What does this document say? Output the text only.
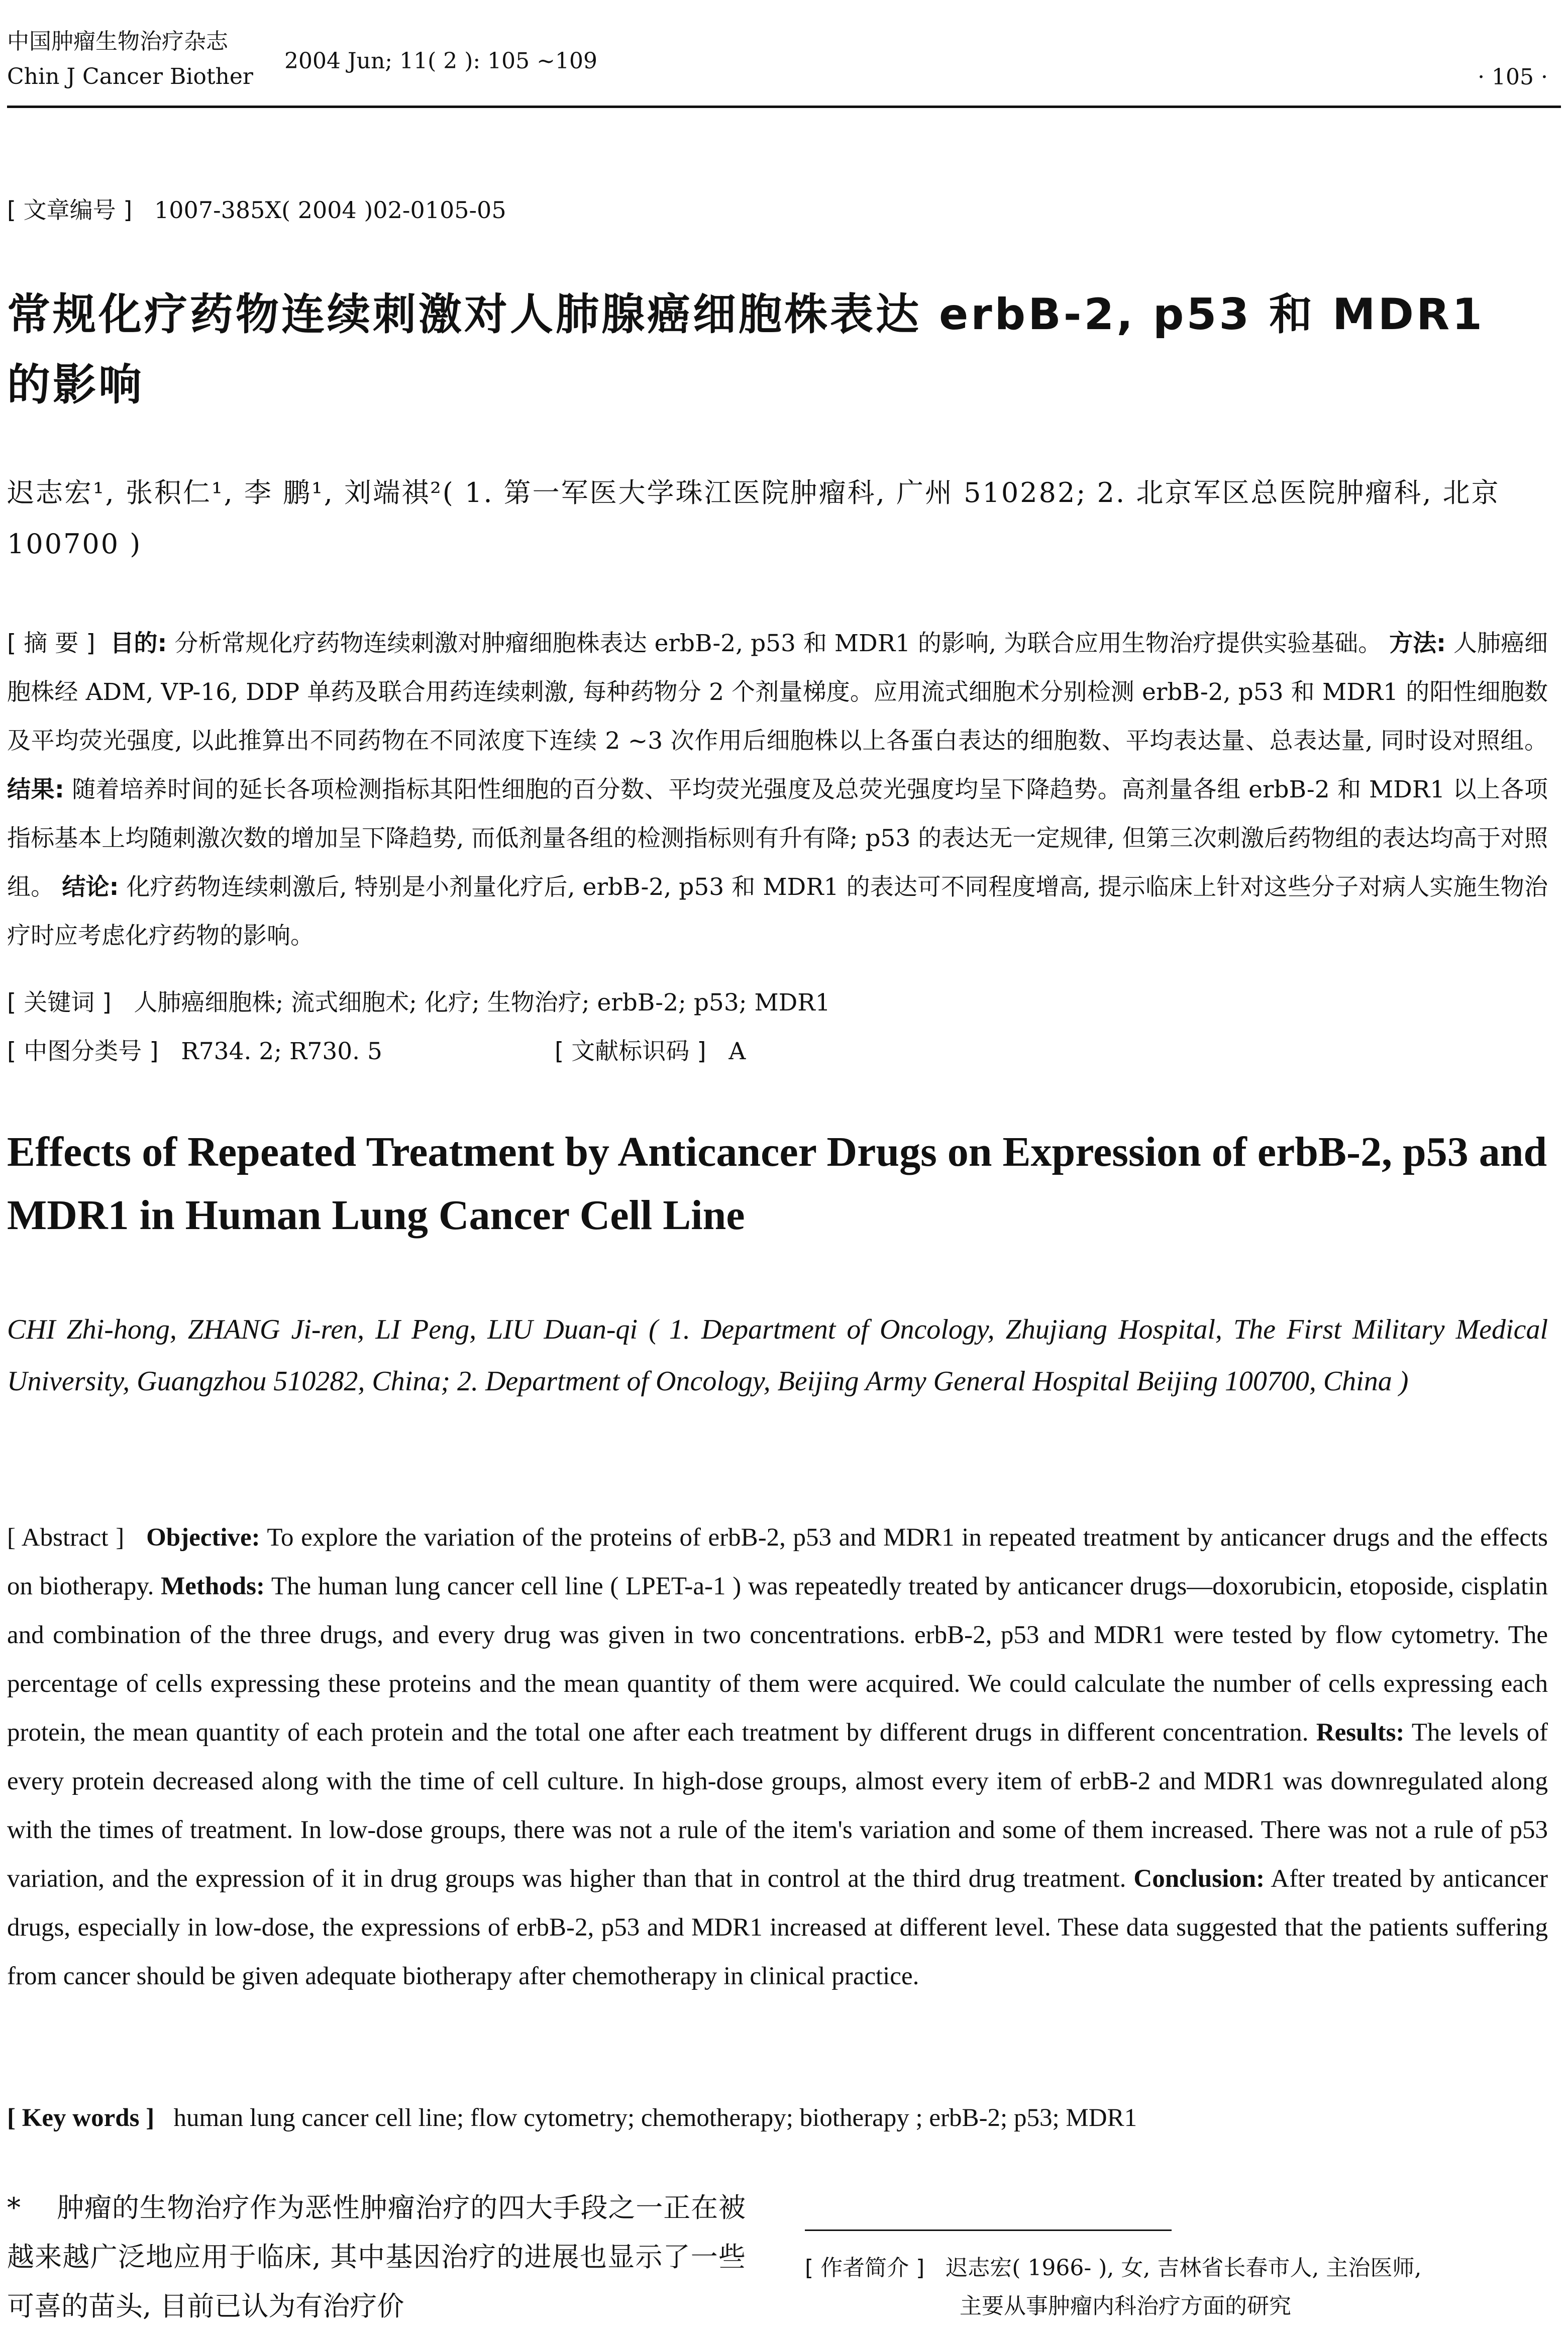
中国肿瘤生物治疗杂志
Chin J Cancer Biother
2004 Jun; 11( 2 ): 105 ~109
· 105 ·
[ 文章编号 ] 1007-385X( 2004 )02-0105-05
常规化疗药物连续刺激对人肺腺癌细胞株表达 erbB-2, p53 和 MDR1 的影响
迟志宏¹, 张积仁¹, 李 鹏¹, 刘端祺²( 1. 第一军医大学珠江医院肿瘤科, 广州 510282; 2. 北京军区总医院肿瘤科, 北京 100700 )

[ 摘 要 ] 目的: 分析常规化疗药物连续刺激对肿瘤细胞株表达 erbB-2, p53 和 MDR1 的影响, 为联合应用生物治疗提供实验基础。 方法: 人肺癌细胞株经 ADM, VP-16, DDP 单药及联合用药连续刺激, 每种药物分 2 个剂量梯度。应用流式细胞术分别检测 erbB-2, p53 和 MDR1 的阳性细胞数及平均荧光强度, 以此推算出不同药物在不同浓度下连续 2 ~3 次作用后细胞株以上各蛋白表达的细胞数、平均表达量、总表达量, 同时设对照组。 结果: 随着培养时间的延长各项检测指标其阳性细胞的百分数、平均荧光强度及总荧光强度均呈下降趋势。高剂量各组 erbB-2 和 MDR1 以上各项指标基本上均随刺激次数的增加呈下降趋势, 而低剂量各组的检测指标则有升有降; p53 的表达无一定规律, 但第三次刺激后药物组的表达均高于对照组。 结论: 化疗药物连续刺激后, 特别是小剂量化疗后, erbB-2, p53 和 MDR1 的表达可不同程度增高, 提示临床上针对这些分子对病人实施生物治疗时应考虑化疗药物的影响。

[ 关键词 ] 人肺癌细胞株; 流式细胞术; 化疗; 生物治疗; erbB-2; p53; MDR1
[ 中图分类号 ] R734. 2; R730. 5	[ 文献标识码 ] A
Effects of Repeated Treatment by Anticancer Drugs on Expression of erbB-2, p53 and MDR1 in Human Lung Cancer Cell Line
CHI Zhi-hong, ZHANG Ji-ren, LI Peng, LIU Duan-qi ( 1. Department of Oncology, Zhujiang Hospital, The First Military Medical University, Guangzhou 510282, China; 2. Department of Oncology, Beijing Army General Hospital Beijing 100700, China )

[ Abstract ] Objective: To explore the variation of the proteins of erbB-2, p53 and MDR1 in repeated treatment by anticancer drugs and the effects on biotherapy. Methods: The human lung cancer cell line ( LPET-a-1 ) was repeatedly treated by anticancer drugs—doxorubicin, etoposide, cisplatin and combination of the three drugs, and every drug was given in two concentrations. erbB-2, p53 and MDR1 were tested by flow cytometry. The percentage of cells expressing these proteins and the mean quantity of them were acquired. We could calculate the number of cells expressing each protein, the mean quantity of each protein and the total one after each treatment by different drugs in different concentration. Results: The levels of every protein decreased along with the time of cell culture. In high-dose groups, almost every item of erbB-2 and MDR1 was downregulated along with the times of treatment. In low-dose groups, there was not a rule of the item's variation and some of them increased. There was not a rule of p53 variation, and the expression of it in drug groups was higher than that in control at the third drug treatment. Conclusion: After treated by anticancer drugs, especially in low-dose, the expressions of erbB-2, p53 and MDR1 increased at different level. These data suggested that the patients suffering from cancer should be given adequate biotherapy after chemotherapy in clinical practice.

[ Key words ] human lung cancer cell line; flow cytometry; chemotherapy; biotherapy ; erbB-2; p53; MDR1
* 肿瘤的生物治疗作为恶性肿瘤治疗的四大手段之一正在被越来越广泛地应用于临床, 其中基因治疗的进展也显示了一些可喜的苗头, 目前已认为有治疗价
[ 作者简介 ] 迟志宏( 1966- ), 女, 吉林省长春市人, 主治医师,
主要从事肿瘤内科治疗方面的研究
